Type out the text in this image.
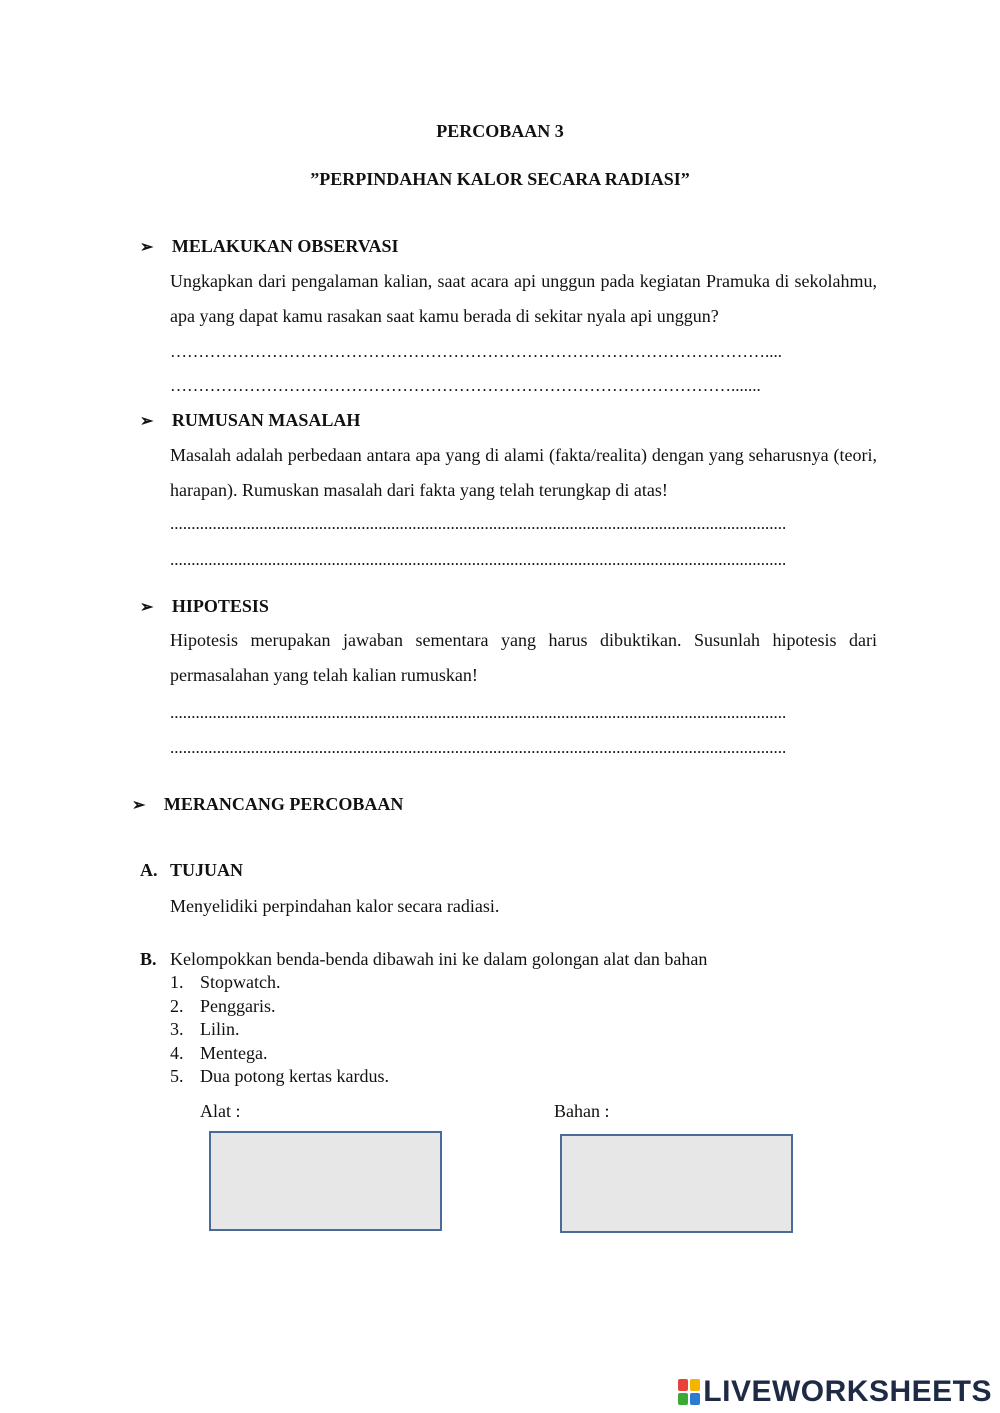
PERCOBAAN 3
”PERPINDAHAN KALOR SECARA RADIASI”
➢ MELAKUKAN OBSERVASI
Ungkapkan dari pengalaman kalian, saat acara api unggun pada kegiatan Pramuka di sekolahmu, apa yang dapat kamu rasakan saat kamu berada di sekitar nyala api unggun?
……………………………………………………………………………………………....
……………………………………………………………………………………….......
➢ RUMUSAN MASALAH
Masalah adalah perbedaan antara apa yang di alami (fakta/realita) dengan yang seharusnya (teori, harapan). Rumuskan masalah dari fakta yang telah terungkap di atas!
.................................................................................................................................................
.................................................................................................................................................
➢ HIPOTESIS
Hipotesis merupakan jawaban sementara yang harus dibuktikan. Susunlah hipotesis dari permasalahan yang telah kalian rumuskan!
.................................................................................................................................................
.................................................................................................................................................
➢ MERANCANG PERCOBAAN
A. TUJUAN
Menyelidiki perpindahan kalor secara radiasi.
B. Kelompokkan benda-benda dibawah ini ke dalam golongan alat dan bahan
1. Stopwatch.
2. Penggaris.
3. Lilin.
4. Mentega.
5. Dua potong kertas kardus.
Alat :	Bahan :
LIVEWORKSHEETS
